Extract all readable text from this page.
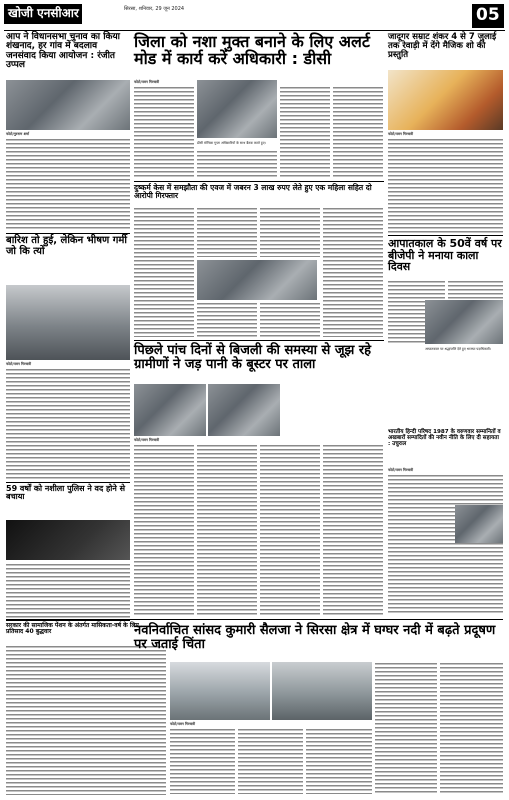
खोजी एनसीआर	सिरसा, शनिवार, 29 जून 2024	05
आप ने विधानसभा चुनाव का किया शंखनाद, हर गांव में बदलाव जनसंवाद किया आयोजन : रंजीत उप्पल
फोटो/गुरनाम शर्मा
बारिश तो हुई, लेकिन भीषण गर्मी जो कि त्यों
फोटो/पवन गिरधारी
59 वर्षों को नशीला पुलिस ने वद होने से बचाया
सरकार की सामाजिक पेंशन के अंतर्गत मासिकता-वर्ष के लिए प्रतिसाद 40 बुद्धवार
जिला को नशा मुक्त बनाने के लिए अलर्ट मोड में कार्य करें अधिकारी : डीसी
डीसी मोनिका गुप्ता अधिकारियों के साथ बैठक करते हुए।
फोटो/पवन गिरधारी
दुष्कर्म केस में समझौता की एवज में जबरन 3 लाख रुपए लेते हुए एक महिला सहित दो आरोपी गिरफ्तार
जादूगर सम्राट शंकर 4 से 7 जुलाई तक रेवाड़ी में देंगे मैजिक शो की प्रस्तुति
फोटो/पवन गिरधारी
आपातकाल के 50वें वर्ष पर बीजेपी ने मनाया काला दिवस
आपातकाल पर श्रद्धांजलि देते हुए भाजपा पदाधिकारी।
पिछले पांच दिनों से बिजली की समस्या से जूझ रहे ग्रामीणों ने जड़ पानी के बूस्टर पर ताला
फोटो/पवन गिरधारी
भारतीय हिन्दी परिषद 1987 के वरुणवार सम्मानितों व अखबारों सम्पादितों की नवीन नीति के लिए दी सहायता : उचुराल
फोटो/पवन गिरधारी
नवनिर्वाचित सांसद कुमारी सैलजा ने सिरसा क्षेत्र में घग्घर नदी में बढ़ते प्रदूषण पर जताई चिंता
फोटो/पवन गिरधारी
